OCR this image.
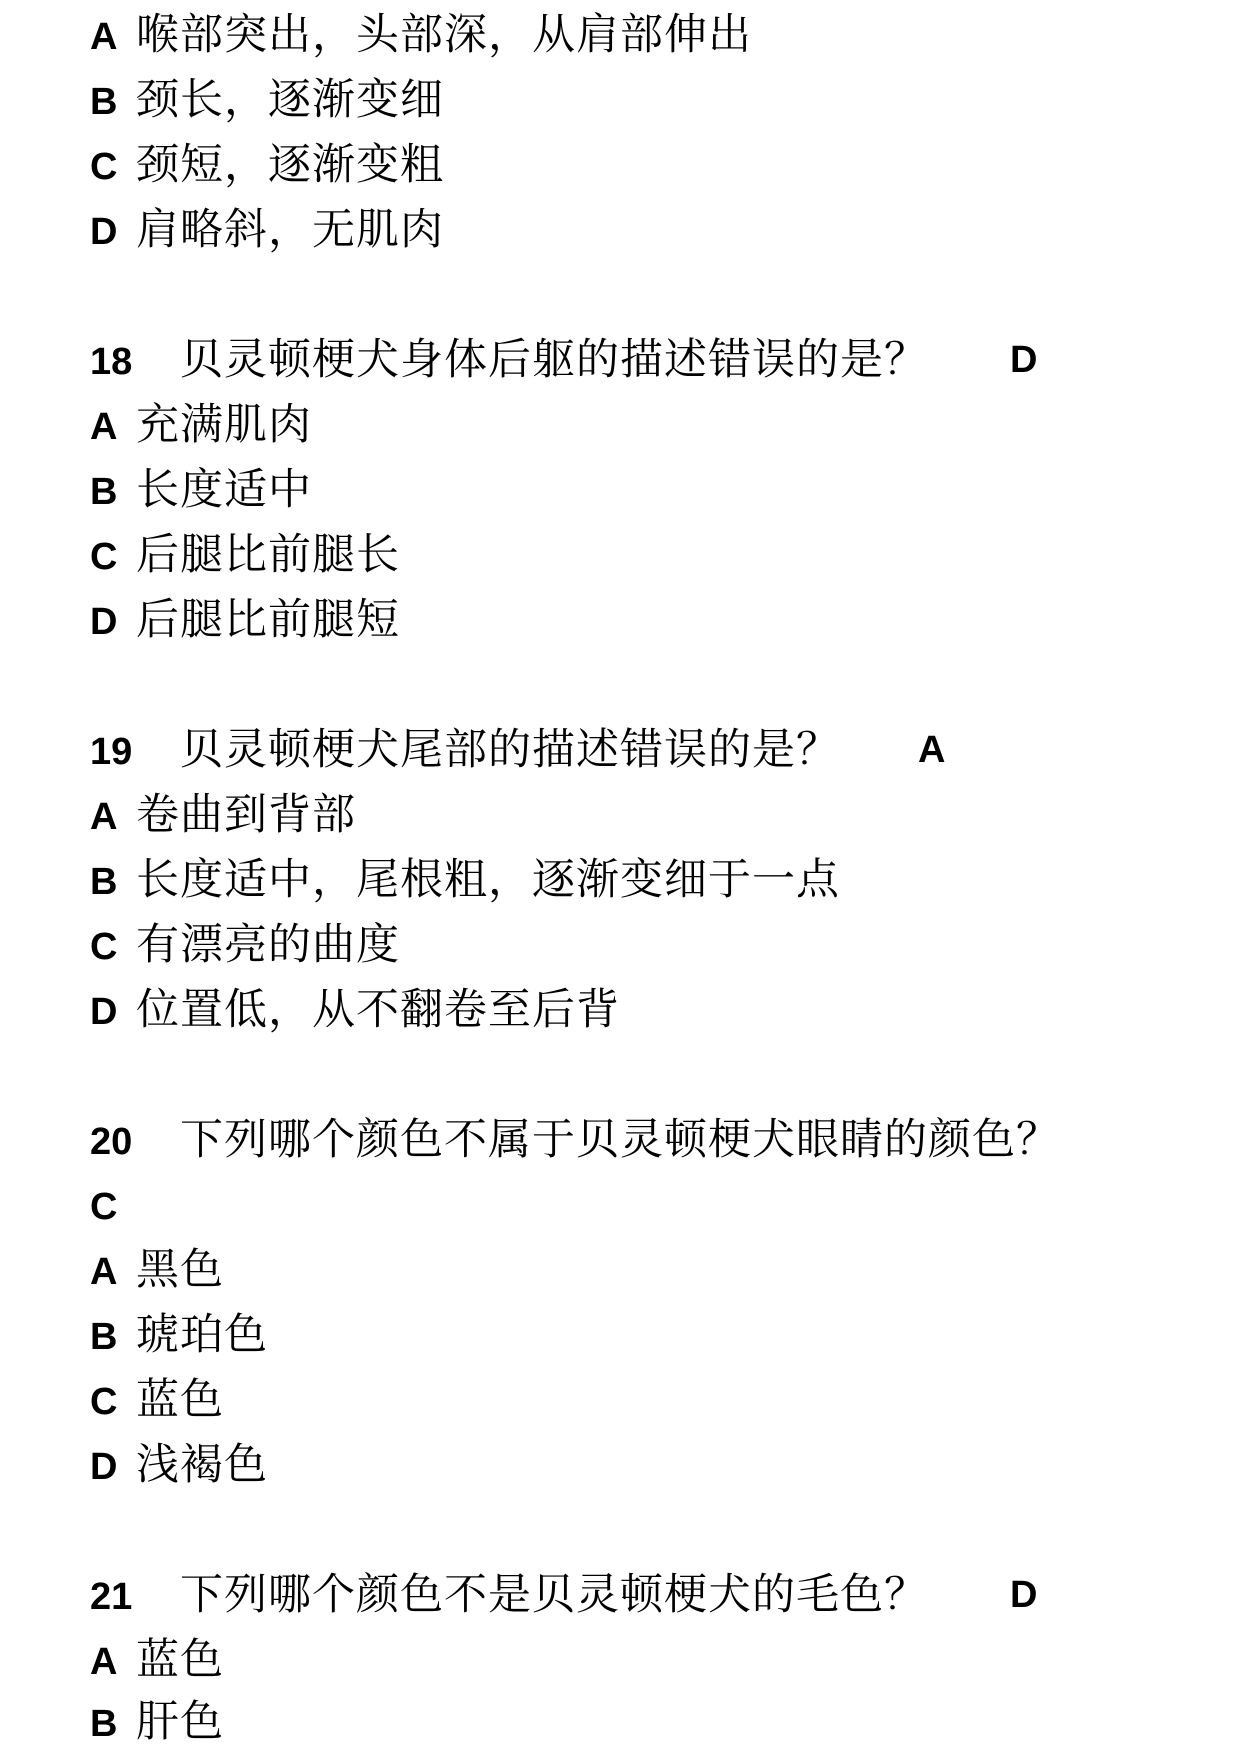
A 喉部突出，头部深，从肩部伸出
B 颈长，逐渐变细
C 颈短，逐渐变粗
D 肩略斜，无肌肉
18 贝灵顿梗犬身体后躯的描述错误的是？ D
A 充满肌肉
B 长度适中
C 后腿比前腿长
D 后腿比前腿短
19 贝灵顿梗犬尾部的描述错误的是？ A
A 卷曲到背部
B 长度适中，尾根粗，逐渐变细于一点
C 有漂亮的曲度
D 位置低，从不翻卷至后背
20 下列哪个颜色不属于贝灵顿梗犬眼睛的颜色？
C
A 黑色
B 琥珀色
C 蓝色
D 浅褐色
21 下列哪个颜色不是贝灵顿梗犬的毛色？ D
A 蓝色
B 肝色
